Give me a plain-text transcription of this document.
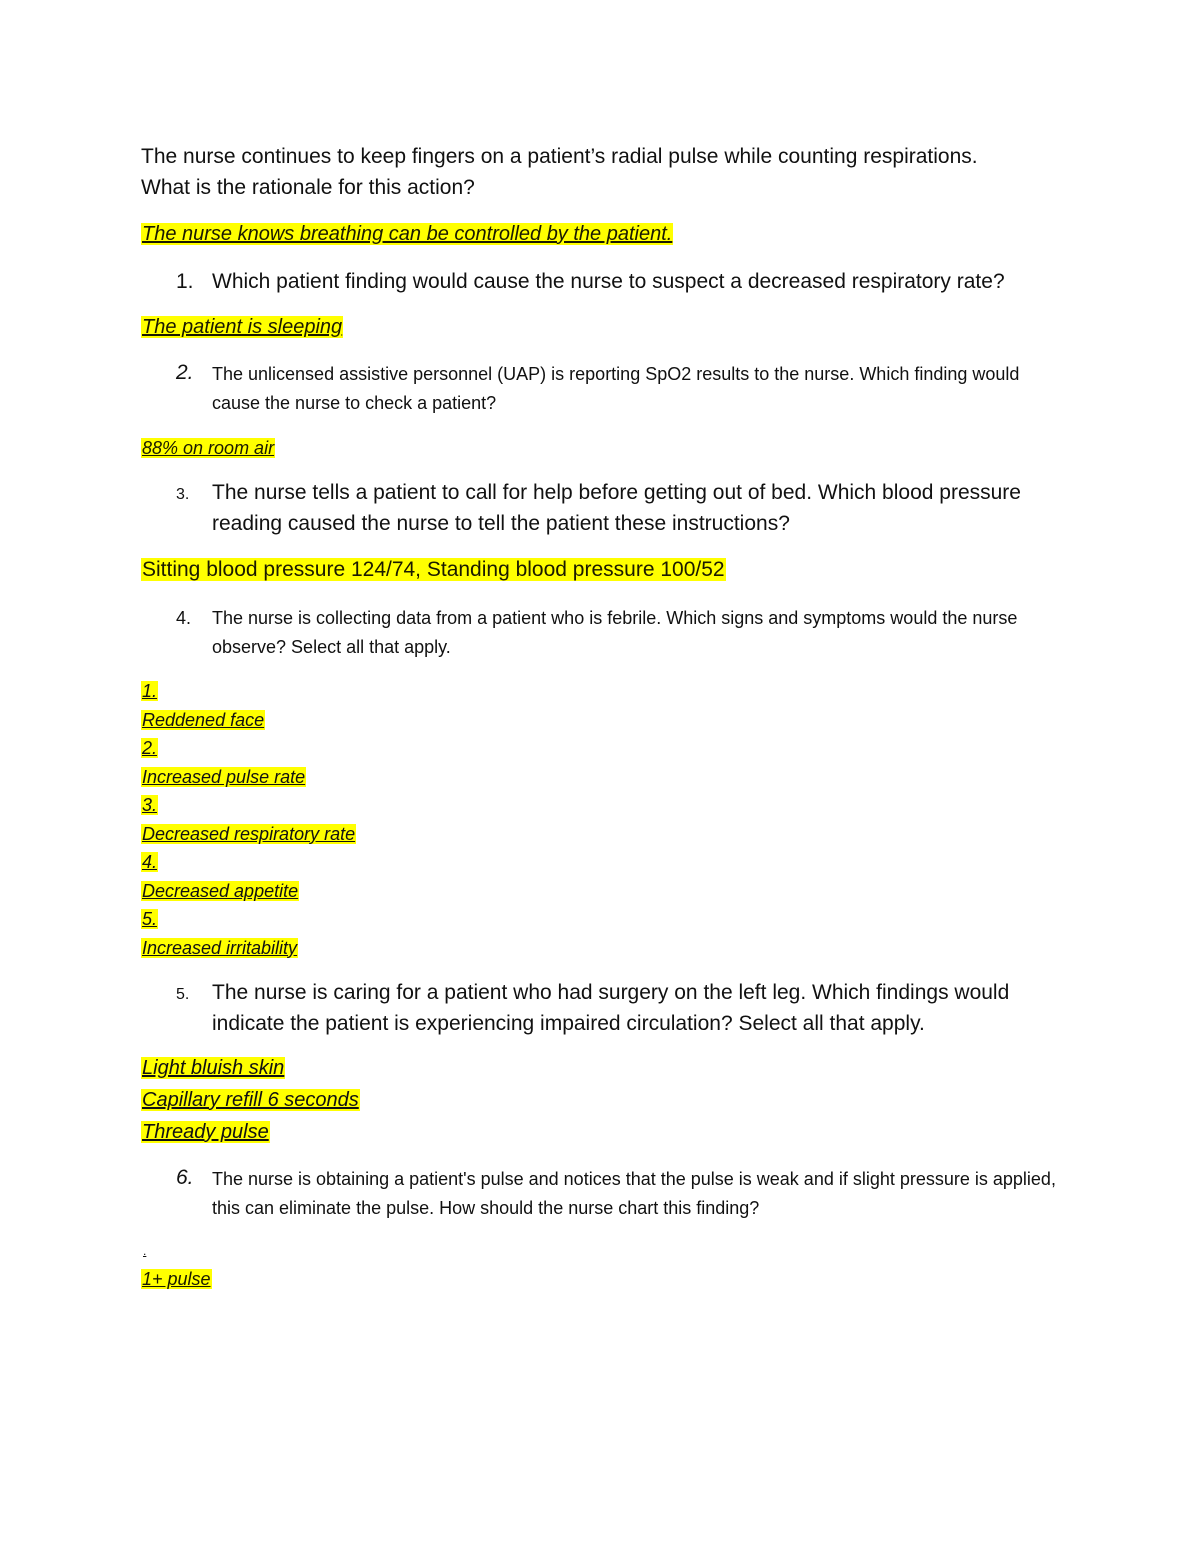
The nurse continues to keep fingers on a patient’s radial pulse while counting respirations.
What is the rationale for this action?
The nurse knows breathing can be controlled by the patient.
1. Which patient finding would cause the nurse to suspect a decreased respiratory rate?
The patient is sleeping
2. The unlicensed assistive personnel (UAP) is reporting SpO2 results to the nurse. Which finding would cause the nurse to check a patient?
88% on room air
3. The nurse tells a patient to call for help before getting out of bed. Which blood pressure reading caused the nurse to tell the patient these instructions?
Sitting blood pressure 124/74, Standing blood pressure 100/52
4. The nurse is collecting data from a patient who is febrile. Which signs and symptoms would the nurse observe? Select all that apply.
1.
Reddened face
2.
Increased pulse rate
3.
Decreased respiratory rate
4.
Decreased appetite
5.
Increased irritability
5. The nurse is caring for a patient who had surgery on the left leg. Which findings would indicate the patient is experiencing impaired circulation? Select all that apply.
Light bluish skin
Capillary refill 6 seconds
Thready pulse
6. The nurse is obtaining a patient's pulse and notices that the pulse is weak and if slight pressure is applied, this can eliminate the pulse. How should the nurse chart this finding?
.
1+ pulse
